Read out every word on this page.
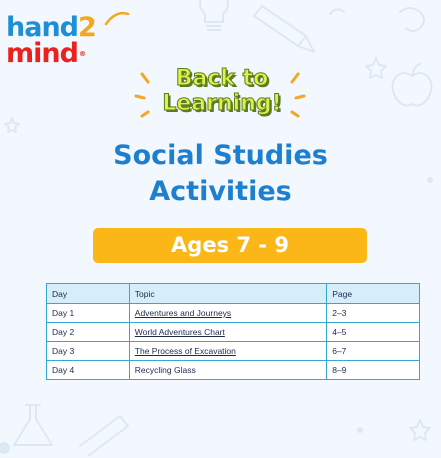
hand2
mind®
Back to
Learning!
Social Studies
Activities
Ages 7 - 9
Day	Topic	Page
Day 1	Adventures and Journeys	2–3
Day 2	World Adventures Chart	4–5
Day 3	The Process of Excavation	6–7
Day 4	Recycling Glass	8–9
